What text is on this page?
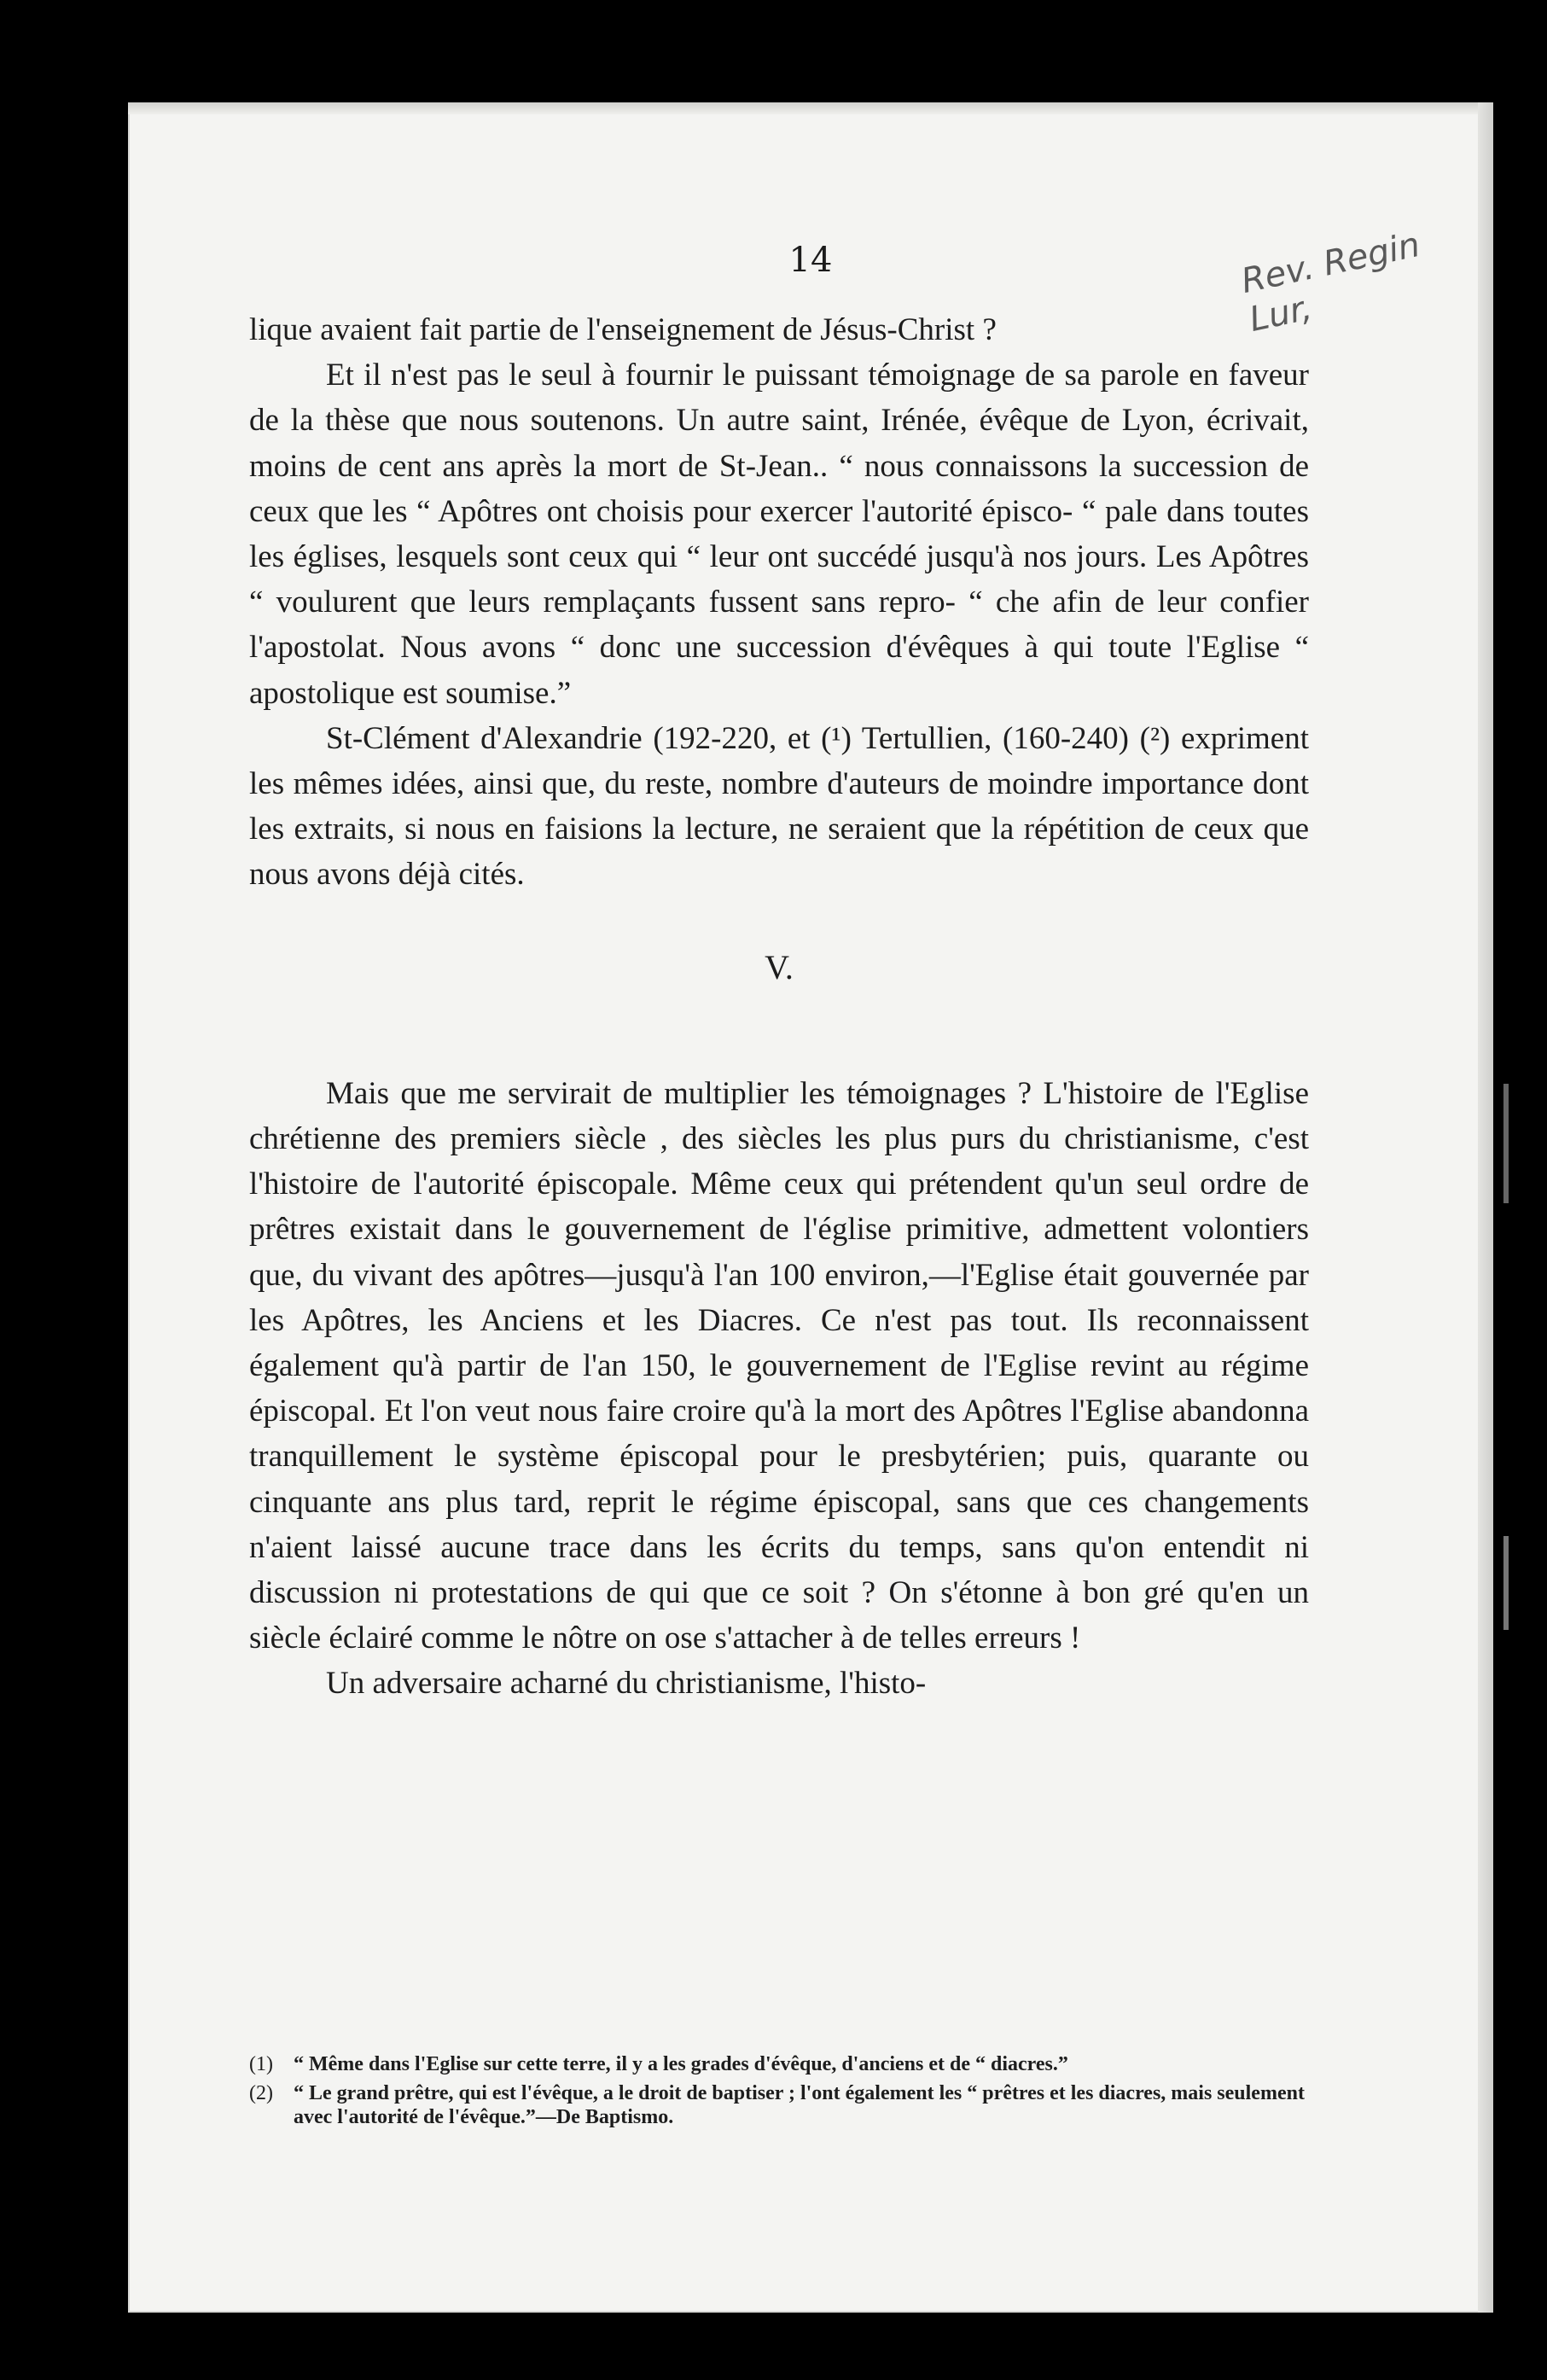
14	Rev. Regin
Lur,

lique avaient fait partie de l'enseignement de Jésus-Christ ?

Et il n'est pas le seul à fournir le puissant témoignage de sa parole en faveur de la thèse que nous soutenons. Un autre saint, Irénée, évêque de Lyon, écrivait, moins de cent ans après la mort de St-Jean.. “ nous connaissons la succession de ceux que les “ Apôtres ont choisis pour exercer l'autorité épisco- “ pale dans toutes les églises, lesquels sont ceux qui “ leur ont succédé jusqu'à nos jours. Les Apôtres “ voulurent que leurs remplaçants fussent sans repro- “ che afin de leur confier l'apostolat. Nous avons “ donc une succession d'évêques à qui toute l'Eglise “ apostolique est soumise.”

St-Clément d'Alexandrie (192-220, et (¹) Tertullien, (160-240) (²) expriment les mêmes idées, ainsi que, du reste, nombre d'auteurs de moindre importance dont les extraits, si nous en faisions la lecture, ne seraient que la répétition de ceux que nous avons déjà cités.

V.

Mais que me servirait de multiplier les témoignages ? L'histoire de l'Eglise chrétienne des premiers siècle , des siècles les plus purs du christianisme, c'est l'histoire de l'autorité épiscopale. Même ceux qui prétendent qu'un seul ordre de prêtres existait dans le gouvernement de l'église primitive, admettent volontiers que, du vivant des apôtres—jusqu'à l'an 100 environ,—l'Eglise était gouvernée par les Apôtres, les Anciens et les Diacres. Ce n'est pas tout. Ils reconnaissent également qu'à partir de l'an 150, le gouvernement de l'Eglise revint au régime épiscopal. Et l'on veut nous faire croire qu'à la mort des Apôtres l'Eglise abandonna tranquillement le système épiscopal pour le presbytérien; puis, quarante ou cinquante ans plus tard, reprit le régime épiscopal, sans que ces changements n'aient laissé aucune trace dans les écrits du temps, sans qu'on entendit ni discussion ni protestations de qui que ce soit ? On s'étonne à bon gré qu'en un siècle éclairé comme le nôtre on ose s'attacher à de telles erreurs !

Un adversaire acharné du christianisme, l'histo-

(1)	“ Même dans l'Eglise sur cette terre, il y a les grades d'évêque, d'anciens et de “ diacres.”
(2)	“ Le grand prêtre, qui est l'évêque, a le droit de baptiser ; l'ont également les “ prêtres et les diacres, mais seulement avec l'autorité de l'évêque.”—De Baptismo.
